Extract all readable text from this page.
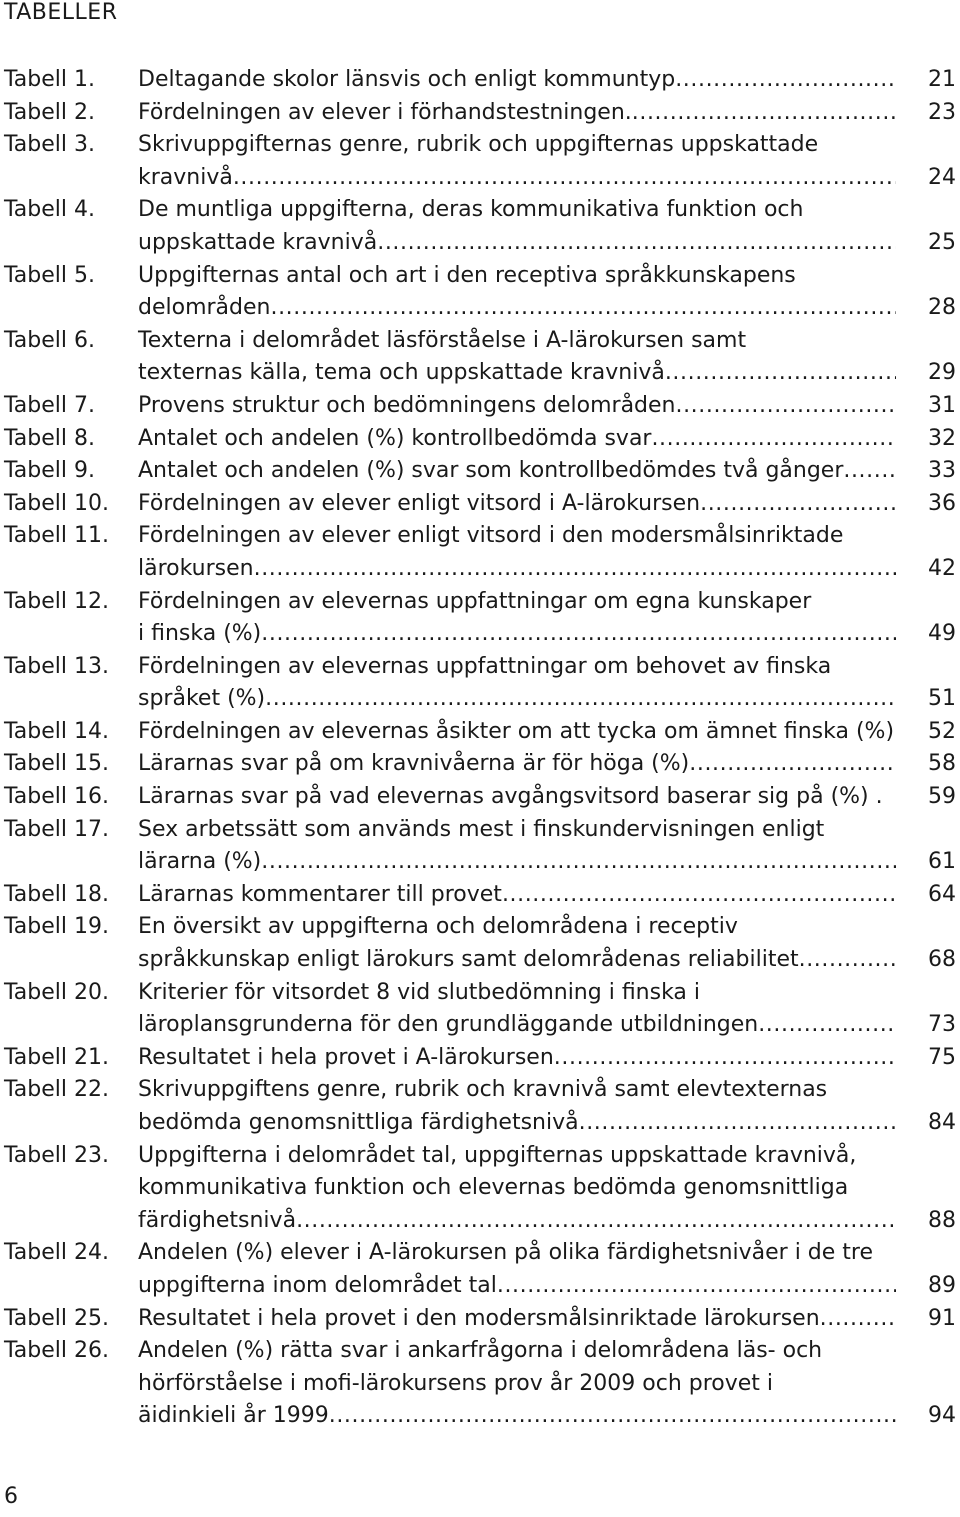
TABELLER
Tabell 1.	Deltagande skolor länsvis och enligt kommuntyp .....	21
Tabell 2.	Fördelningen av elever i förhandstestningen. .....	23
Tabell 3.	Skrivuppgifternas genre, rubrik och uppgifternas uppskattade
kravnivå .....	24
Tabell 4.	De muntliga uppgifterna, deras kommunikativa funktion och
uppskattade kravnivå .....	25
Tabell 5.	Uppgifternas antal och art i den receptiva språkkunskapens
delområden .....	28
Tabell 6.	Texterna i delområdet läsförståelse i A-lärokursen samt
texternas källa, tema och uppskattade kravnivå .....	29
Tabell 7.	Provens struktur och bedömningens delområden .....	31
Tabell 8.	Antalet och andelen (%) kontrollbedömda svar .....	32
Tabell 9.	Antalet och andelen (%) svar som kontrollbedömdes två gånger .....	33
Tabell 10.	Fördelningen av elever enligt vitsord i A-lärokursen .....	36
Tabell 11.	Fördelningen av elever enligt vitsord i den modersmålsinriktade
lärokursen .....	42
Tabell 12.	Fördelningen av elevernas uppfattningar om egna kunskaper
i finska (%) .....	49
Tabell 13.	Fördelningen av elevernas uppfattningar om behovet av finska
språket (%) .....	51
Tabell 14.	Fördelningen av elevernas åsikter om att tycka om ämnet finska (%)	52
Tabell 15.	Lärarnas svar på om kravnivåerna är för höga (%) .....	58
Tabell 16.	Lärarnas svar på vad elevernas avgångsvitsord baserar sig på (%) .	59
Tabell 17.	Sex arbetssätt som används mest i finskundervisningen enligt
lärarna (%) .....	61
Tabell 18.	Lärarnas kommentarer till provet .....	64
Tabell 19.	En översikt av uppgifterna och delområdena i receptiv
språkkunskap enligt lärokurs samt delområdenas reliabilitet .....	68
Tabell 20.	Kriterier för vitsordet 8 vid slutbedömning i finska i
läroplansgrunderna för den grundläggande utbildningen .....	73
Tabell 21.	Resultatet i hela provet i A-lärokursen .....	75
Tabell 22.	Skrivuppgiftens genre, rubrik och kravnivå samt elevtexternas
bedömda genomsnittliga färdighetsnivå .....	84
Tabell 23.	Uppgifterna i delområdet tal, uppgifternas uppskattade kravnivå,
kommunikativa funktion och elevernas bedömda genomsnittliga
färdighetsnivå .....	88
Tabell 24.	Andelen (%) elever i A-lärokursen på olika färdighetsnivåer i de tre
uppgifterna inom delområdet tal .....	89
Tabell 25.	Resultatet i hela provet i den modersmålsinriktade lärokursen .....	91
Tabell 26.	Andelen (%) rätta svar i ankarfrågorna i delområdena läs- och
hörförståelse i mofi-lärokursens prov år 2009 och provet i
äidinkieli år 1999 .....	94
6
